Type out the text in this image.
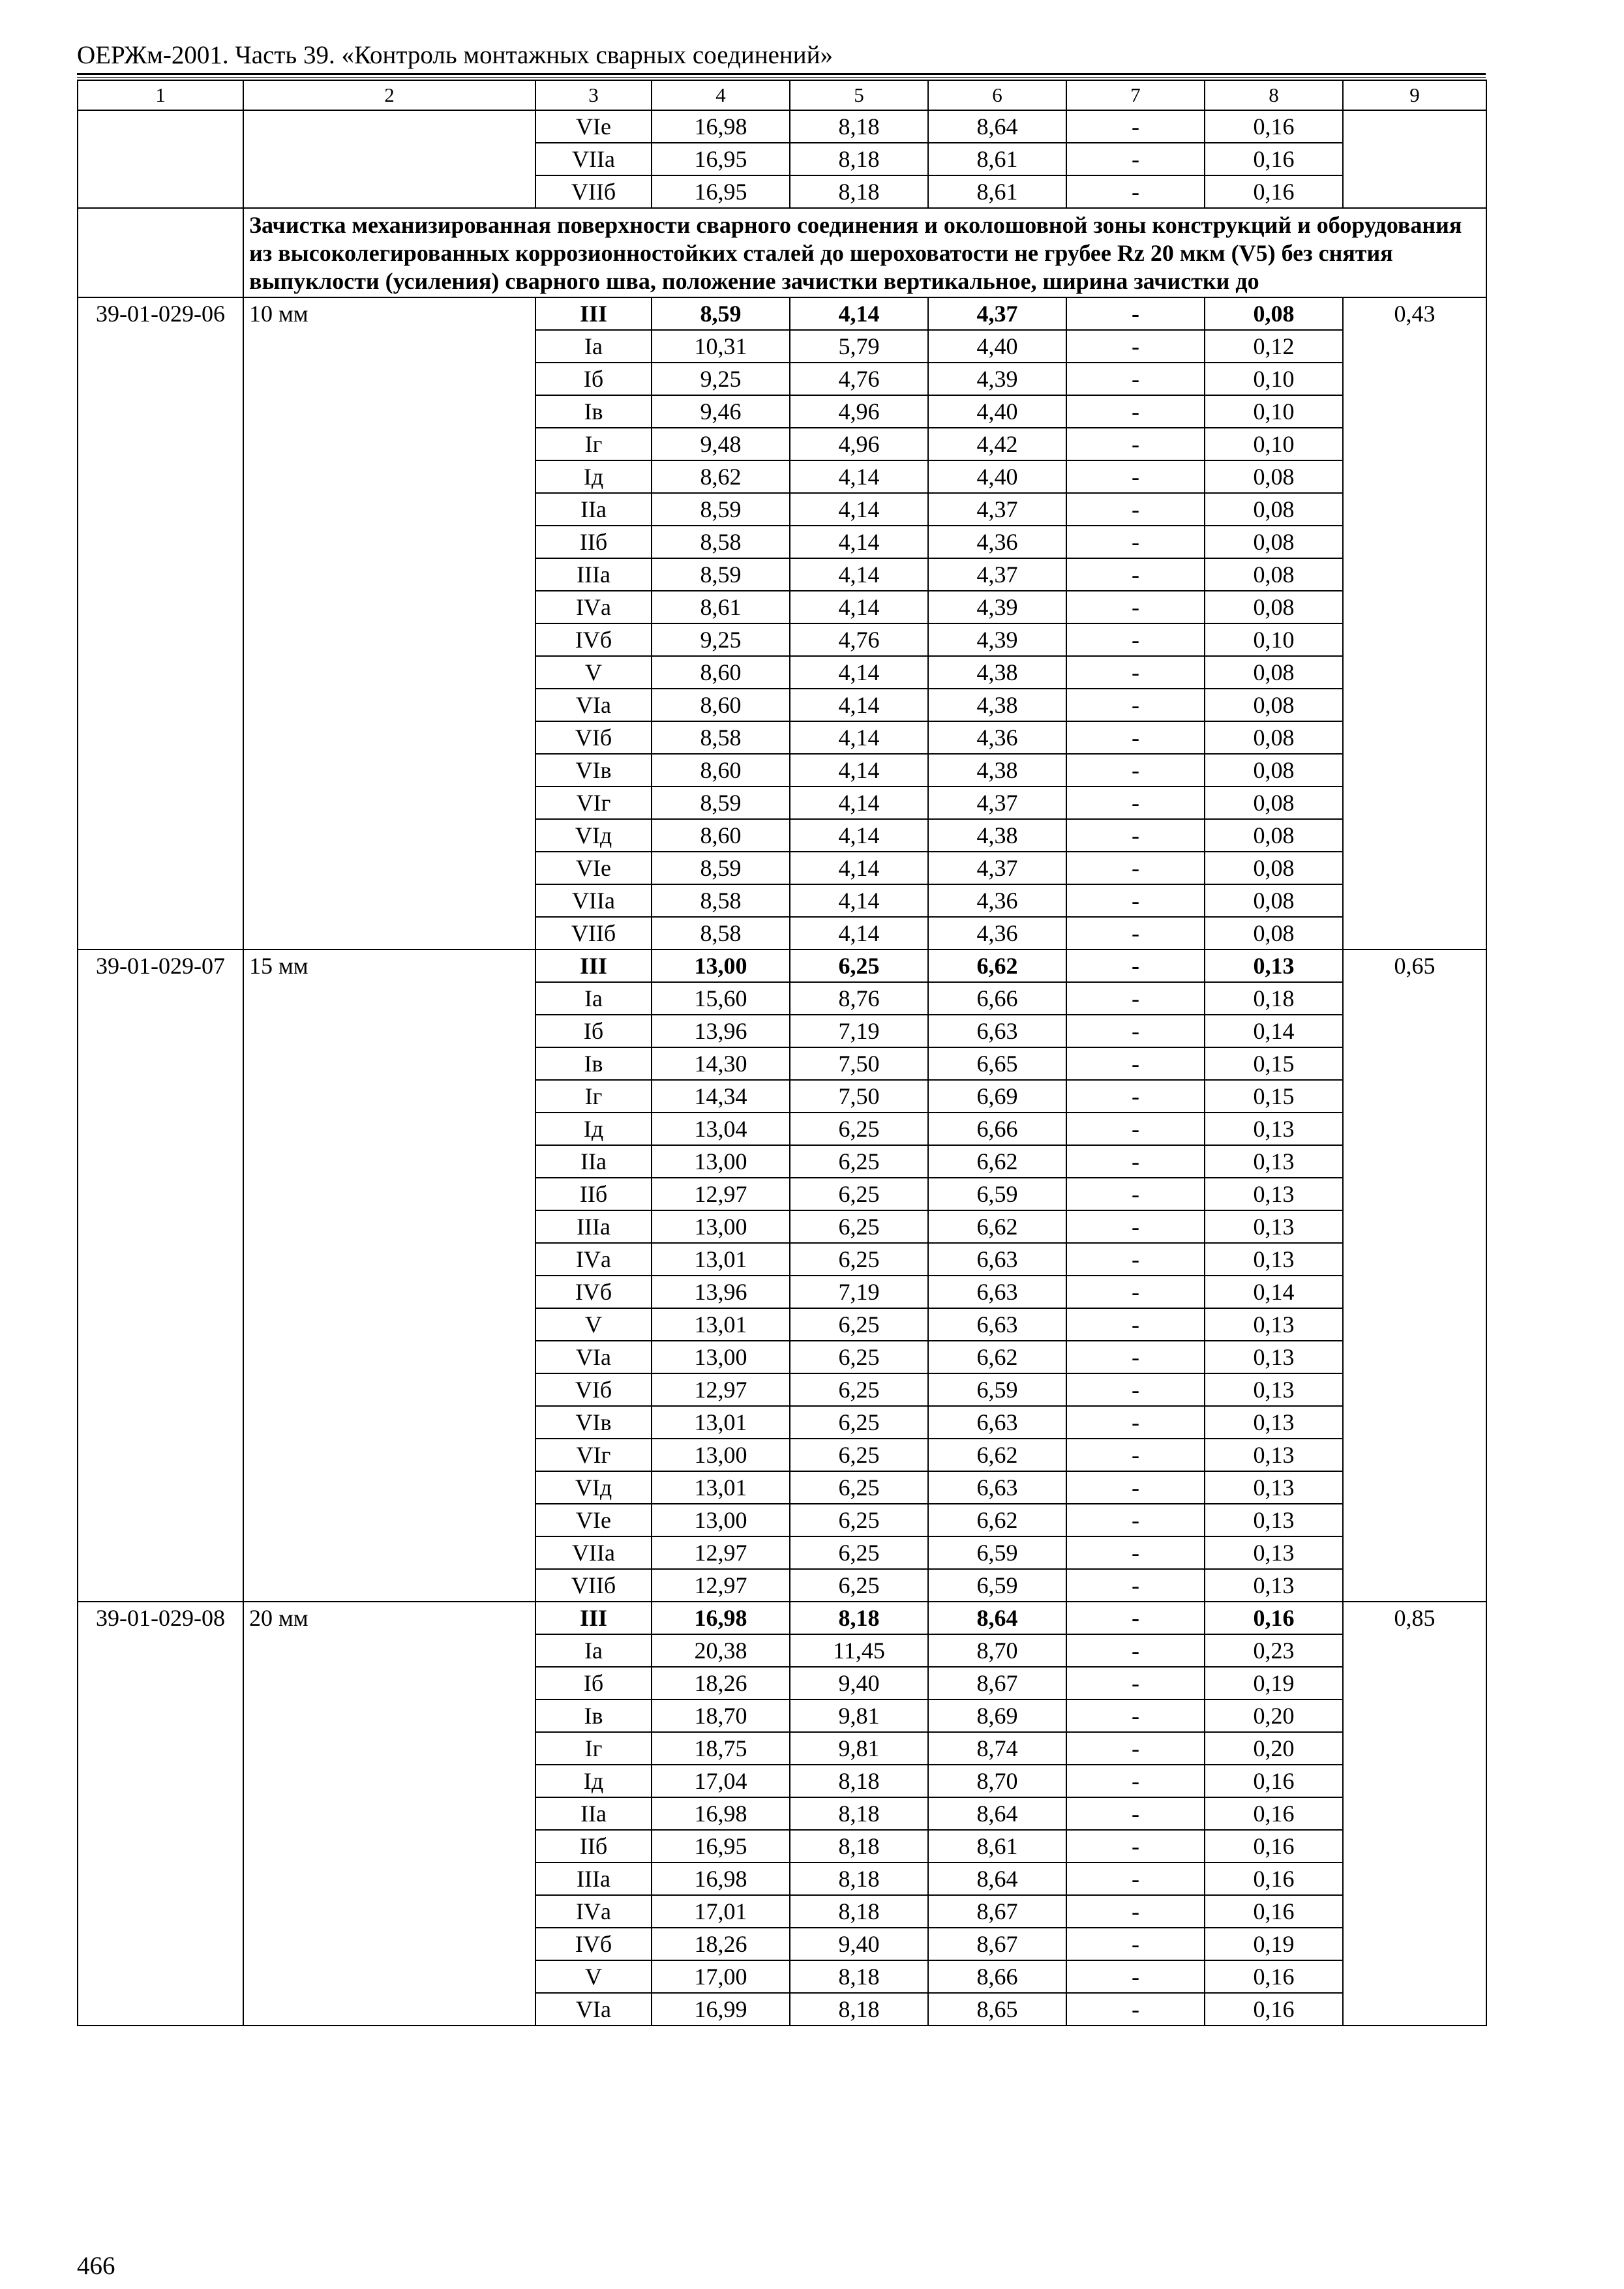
ОЕРЖм-2001. Часть 39. «Контроль монтажных сварных соединений»
1	2	3	4	5	6	7	8	9
		VIе	16,98	8,18	8,64	-	0,16	
		VIIа	16,95	8,18	8,61	-	0,16	
		VIIб	16,95	8,18	8,61	-	0,16	
	Зачистка механизированная поверхности сварного соединения и околошовной зоны конструкций и оборудования из высоколегированных коррозионностойких сталей до шероховатости не грубее Rz 20 мкм (V5) без снятия выпуклости (усиления) сварного шва, положение зачистки вертикальное, ширина зачистки до							
39-01-029-06	10 мм	III	8,59	4,14	4,37	-	0,08	0,43
		Iа	10,31	5,79	4,40	-	0,12	
		Iб	9,25	4,76	4,39	-	0,10	
		Iв	9,46	4,96	4,40	-	0,10	
		Iг	9,48	4,96	4,42	-	0,10	
		Iд	8,62	4,14	4,40	-	0,08	
		IIа	8,59	4,14	4,37	-	0,08	
		IIб	8,58	4,14	4,36	-	0,08	
		IIIа	8,59	4,14	4,37	-	0,08	
		IVа	8,61	4,14	4,39	-	0,08	
		IVб	9,25	4,76	4,39	-	0,10	
		V	8,60	4,14	4,38	-	0,08	
		VIа	8,60	4,14	4,38	-	0,08	
		VIб	8,58	4,14	4,36	-	0,08	
		VIв	8,60	4,14	4,38	-	0,08	
		VIг	8,59	4,14	4,37	-	0,08	
		VIд	8,60	4,14	4,38	-	0,08	
		VIе	8,59	4,14	4,37	-	0,08	
		VIIа	8,58	4,14	4,36	-	0,08	
		VIIб	8,58	4,14	4,36	-	0,08	
39-01-029-07	15 мм	III	13,00	6,25	6,62	-	0,13	0,65
		Iа	15,60	8,76	6,66	-	0,18	
		Iб	13,96	7,19	6,63	-	0,14	
		Iв	14,30	7,50	6,65	-	0,15	
		Iг	14,34	7,50	6,69	-	0,15	
		Iд	13,04	6,25	6,66	-	0,13	
		IIа	13,00	6,25	6,62	-	0,13	
		IIб	12,97	6,25	6,59	-	0,13	
		IIIа	13,00	6,25	6,62	-	0,13	
		IVа	13,01	6,25	6,63	-	0,13	
		IVб	13,96	7,19	6,63	-	0,14	
		V	13,01	6,25	6,63	-	0,13	
		VIа	13,00	6,25	6,62	-	0,13	
		VIб	12,97	6,25	6,59	-	0,13	
		VIв	13,01	6,25	6,63	-	0,13	
		VIг	13,00	6,25	6,62	-	0,13	
		VIд	13,01	6,25	6,63	-	0,13	
		VIе	13,00	6,25	6,62	-	0,13	
		VIIа	12,97	6,25	6,59	-	0,13	
		VIIб	12,97	6,25	6,59	-	0,13	
39-01-029-08	20 мм	III	16,98	8,18	8,64	-	0,16	0,85
		Iа	20,38	11,45	8,70	-	0,23	
		Iб	18,26	9,40	8,67	-	0,19	
		Iв	18,70	9,81	8,69	-	0,20	
		Iг	18,75	9,81	8,74	-	0,20	
		Iд	17,04	8,18	8,70	-	0,16	
		IIа	16,98	8,18	8,64	-	0,16	
		IIб	16,95	8,18	8,61	-	0,16	
		IIIа	16,98	8,18	8,64	-	0,16	
		IVа	17,01	8,18	8,67	-	0,16	
		IVб	18,26	9,40	8,67	-	0,19	
		V	17,00	8,18	8,66	-	0,16	
		VIа	16,99	8,18	8,65	-	0,16	
466
